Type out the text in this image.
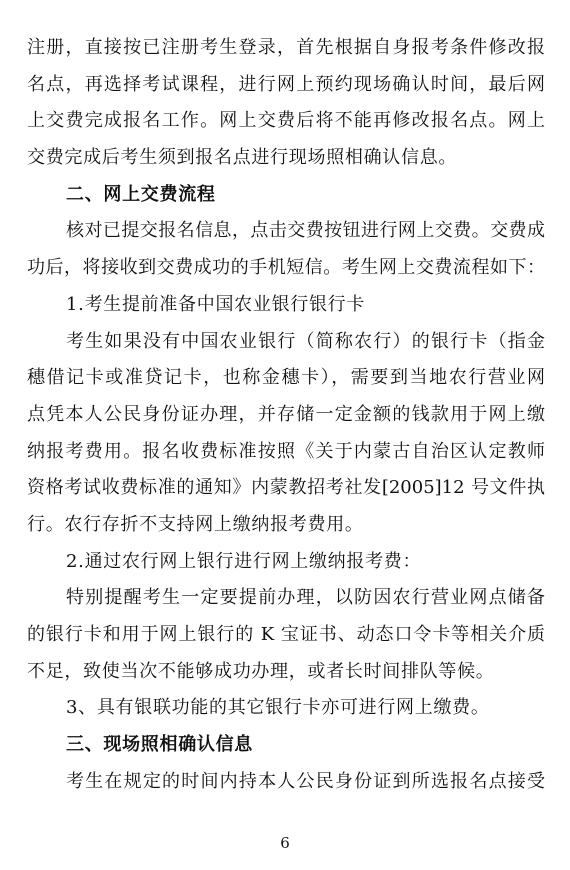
注册，直接按已注册考生登录，首先根据自身报考条件修改报
名点，再选择考试课程，进行网上预约现场确认时间，最后网
上交费完成报名工作。网上交费后将不能再修改报名点。网上
交费完成后考生须到报名点进行现场照相确认信息。
二、网上交费流程
核对已提交报名信息，点击交费按钮进行网上交费。交费成
功后，将接收到交费成功的手机短信。考生网上交费流程如下：
1.考生提前准备中国农业银行银行卡
考生如果没有中国农业银行（简称农行）的银行卡（指金
穗借记卡或准贷记卡，也称金穗卡），需要到当地农行营业网
点凭本人公民身份证办理，并存储一定金额的钱款用于网上缴
纳报考费用。报名收费标准按照《关于内蒙古自治区认定教师
资格考试收费标准的通知》内蒙教招考社发[2005]12 号文件执
行。农行存折不支持网上缴纳报考费用。
2.通过农行网上银行进行网上缴纳报考费：
特别提醒考生一定要提前办理，以防因农行营业网点储备
的银行卡和用于网上银行的 K 宝证书、动态口令卡等相关介质
不足，致使当次不能够成功办理，或者长时间排队等候。
3、具有银联功能的其它银行卡亦可进行网上缴费。
三、现场照相确认信息
考生在规定的时间内持本人公民身份证到所选报名点接受
6
